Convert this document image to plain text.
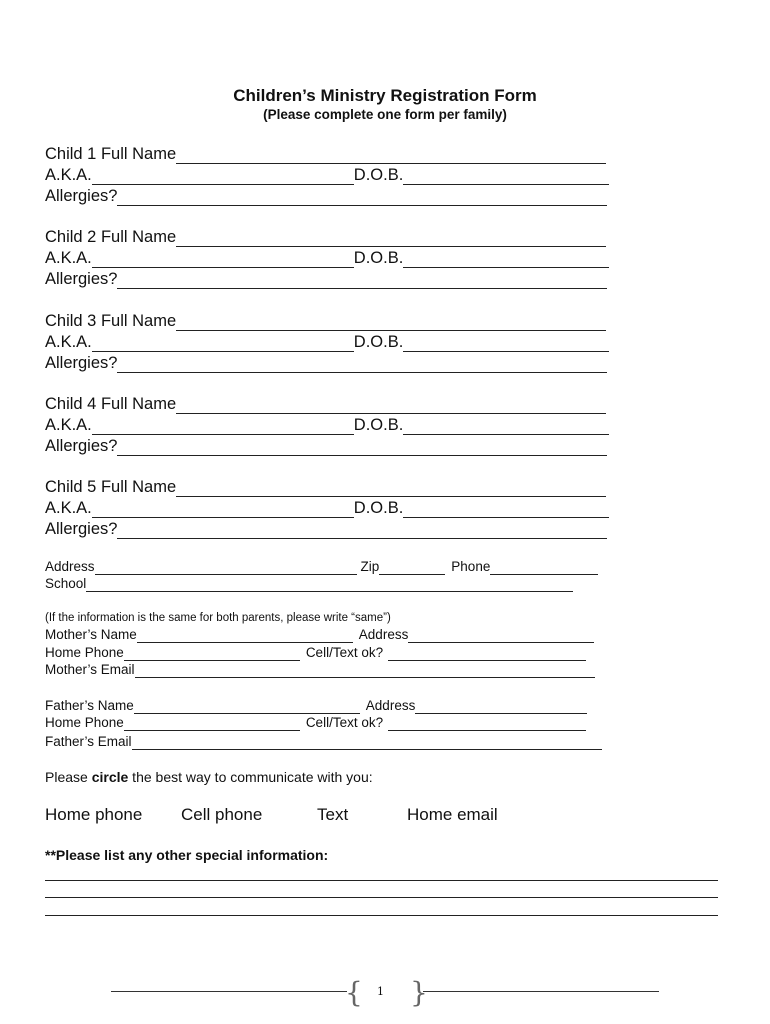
Children’s Ministry Registration Form
(Please complete one form per family)
Child 1 Full Name
A.K.A.	D.O.B.
Allergies?
Child 2 Full Name
A.K.A.	D.O.B.
Allergies?
Child 3 Full Name
A.K.A.	D.O.B.
Allergies?
Child 4 Full Name
A.K.A.	D.O.B.
Allergies?
Child 5 Full Name
A.K.A.	D.O.B.
Allergies?
Address	Zip	Phone
School
(If the information is the same for both parents, please write “same”)
Mother’s Name	Address
Home Phone	Cell/Text ok?
Mother’s Email
Father’s Name	Address
Home Phone	Cell/Text ok?
Father’s Email
Please circle the best way to communicate with you:
Home phone Cell phone	Text	Home email
**Please list any other special information:
{ 1 }
